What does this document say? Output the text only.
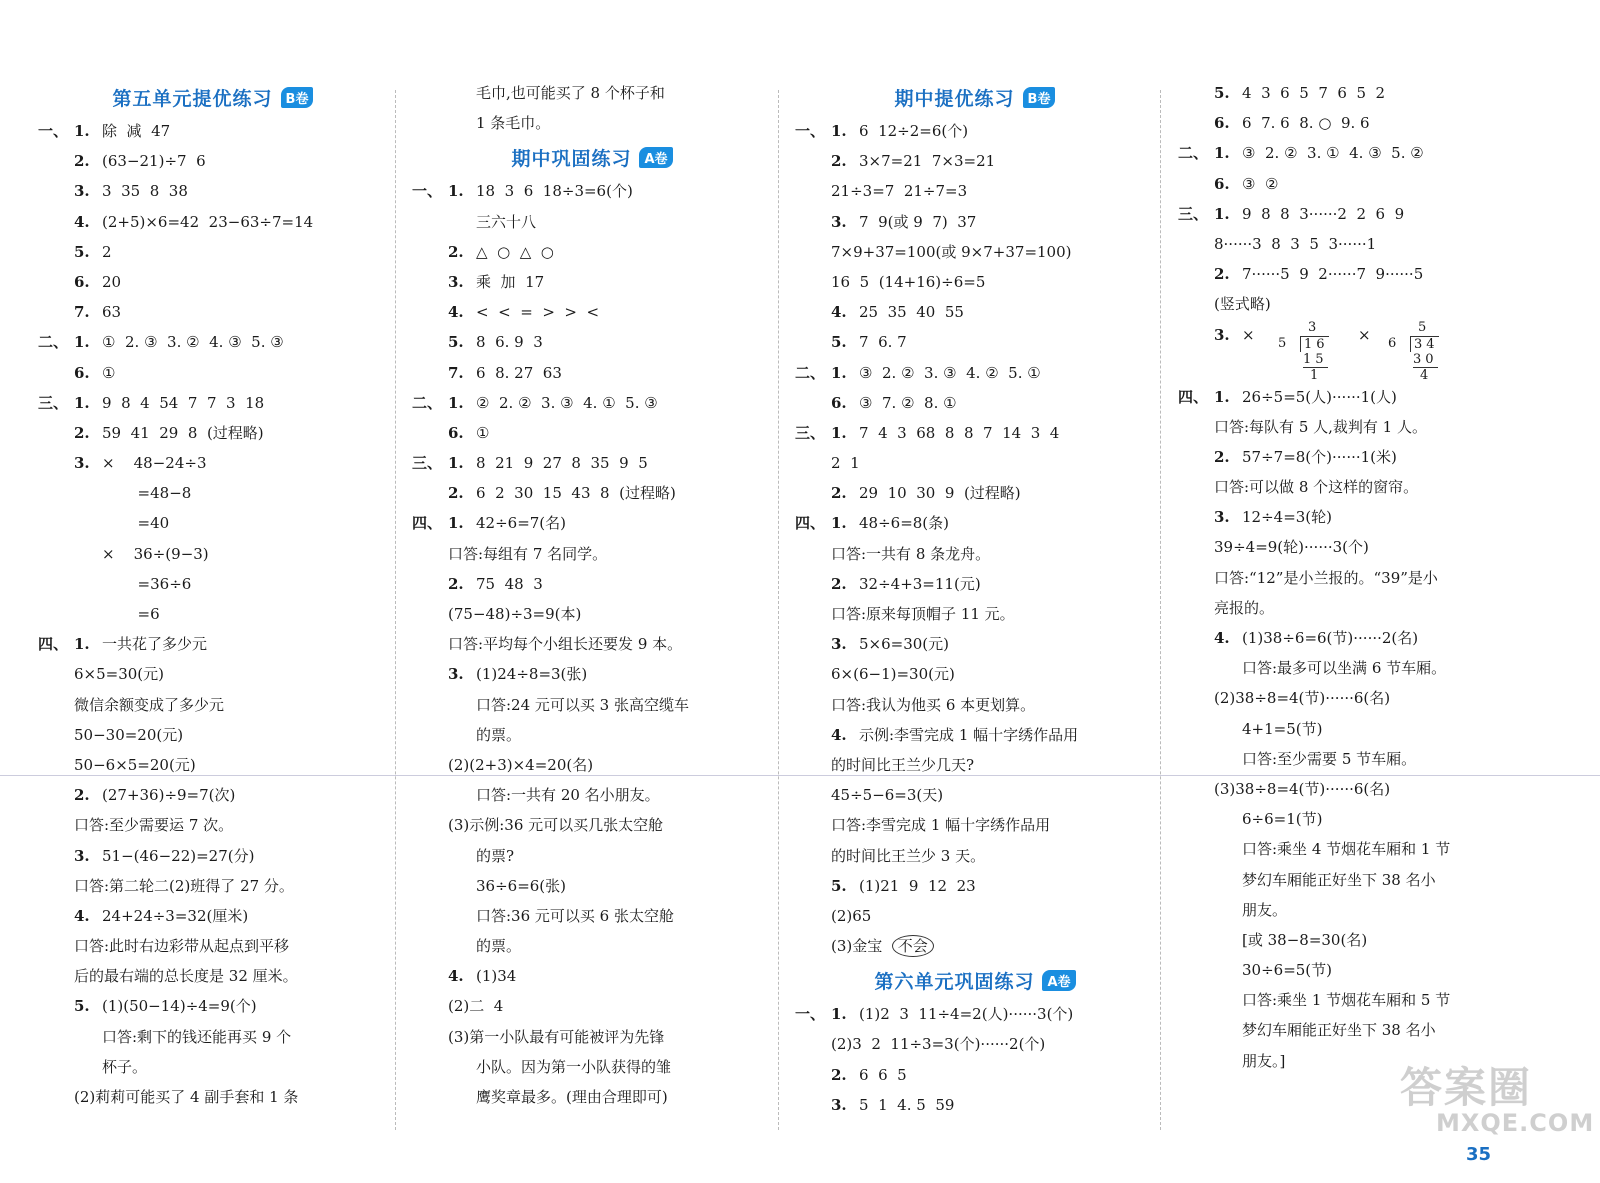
第五单元提优练习	B卷
一、 1. 除  减  47
2. (63−21)÷7  6
3. 3  35  8  38
4. (2+5)×6=42  23−63÷7=14
5. 2
6. 20
7. 63
二、 1. ①  2. ③  3. ②  4. ③  5. ③
6. ①
三、 1. 9  8  4  54  7  7  3  18
2. 59  41  29  8  (过程略)
3. ×    48−24÷3
=48−8
=40
×    36÷(9−3)
=36÷6
=6
四、 1. 一共花了多少元
6×5=30(元)
微信余额变成了多少元
50−30=20(元)
50−6×5=20(元)
2. (27+36)÷9=7(次)
口答:至少需要运 7 次。
3. 51−(46−22)=27(分)
口答:第二轮二(2)班得了 27 分。
4. 24+24÷3=32(厘米)
口答:此时右边彩带从起点到平移
后的最右端的总长度是 32 厘米。
5. (1)(50−14)÷4=9(个)
口答:剩下的钱还能再买 9 个
杯子。
(2)莉莉可能买了 4 副手套和 1 条
毛巾,也可能买了 8 个杯子和
1 条毛巾。
期中巩固练习	A卷
一、 1. 18  3  6  18÷3=6(个)
三六十八
2. △  ○  △  ○
3. 乘  加  17
4. <  <  =  >  >  <
5. 8  6. 9  3
7. 6  8. 27  63
二、 1. ②  2. ②  3. ③  4. ①  5. ③
6. ①
三、 1. 8  21  9  27  8  35  9  5
2. 6  2  30  15  43  8  (过程略)
四、 1. 42÷6=7(名)
口答:每组有 7 名同学。
2. 75  48  3
(75−48)÷3=9(本)
口答:平均每个小组长还要发 9 本。
3. (1)24÷8=3(张)
口答:24 元可以买 3 张高空缆车
的票。
(2)(2+3)×4=20(名)
口答:一共有 20 名小朋友。
(3)示例:36 元可以买几张太空舱
的票?
36÷6=6(张)
口答:36 元可以买 6 张太空舱
的票。
4. (1)34
(2)二  4
(3)第一小队最有可能被评为先锋
小队。因为第一小队获得的雏
鹰奖章最多。(理由合理即可)
期中提优练习	B卷
一、 1. 6  12÷2=6(个)
2. 3×7=21  7×3=21
21÷3=7  21÷7=3
3. 7  9(或 9  7)  37
7×9+37=100(或 9×7+37=100)
16  5  (14+16)÷6=5
4. 25  35  40  55
5. 7  6. 7
二、 1. ③  2. ②  3. ③  4. ②  5. ①
6. ③  7. ②  8. ①
三、 1. 7  4  3  68  8  8  7  14  3  4
2  1
2. 29  10  30  9  (过程略)
四、 1. 48÷6=8(条)
口答:一共有 8 条龙舟。
2. 32÷4+3=11(元)
口答:原来每顶帽子 11 元。
3. 5×6=30(元)
6×(6−1)=30(元)
口答:我认为他买 6 本更划算。
4. 示例:李雪完成 1 幅十字绣作品用
的时间比王兰少几天?
45÷5−6=3(天)
口答:李雪完成 1 幅十字绣作品用
的时间比王兰少 3 天。
5. (1)21  9  12  23
(2)65
(3)金宝  不会
第六单元巩固练习	A卷
一、 1. (1)2  3  11÷4=2(人)······3(个)
(2)3  2  11÷3=3(个)······2(个)
2. 6  6  5
3. 5  1  4. 5  59
5. 4  3  6  5  7  6  5  2
6. 6  7. 6  8. ○  9. 6
二、 1. ③  2. ②  3. ①  4. ③  5. ②
6. ③  ②
三、 1. 9  8  8  3······2  2  6  9
8······3  8  3  5  3······1
2. 7······5  9  2······7  9······5
(竖式略)
3. ×	3
5	16
15
1
×	5
6	34
30
4
四、 1. 26÷5=5(人)······1(人)
口答:每队有 5 人,裁判有 1 人。
2. 57÷7=8(个)······1(米)
口答:可以做 8 个这样的窗帘。
3. 12÷4=3(轮)
39÷4=9(轮)······3(个)
口答:“12”是小兰报的。“39”是小
亮报的。
4. (1)38÷6=6(节)······2(名)
口答:最多可以坐满 6 节车厢。
(2)38÷8=4(节)······6(名)
4+1=5(节)
口答:至少需要 5 节车厢。
(3)38÷8=4(节)······6(名)
6÷6=1(节)
口答:乘坐 4 节烟花车厢和 1 节
梦幻车厢能正好坐下 38 名小
朋友。
[或 38−8=30(名)
30÷6=5(节)
口答:乘坐 1 节烟花车厢和 5 节
梦幻车厢能正好坐下 38 名小
朋友。]
35
答案圈
MXQE.COM
